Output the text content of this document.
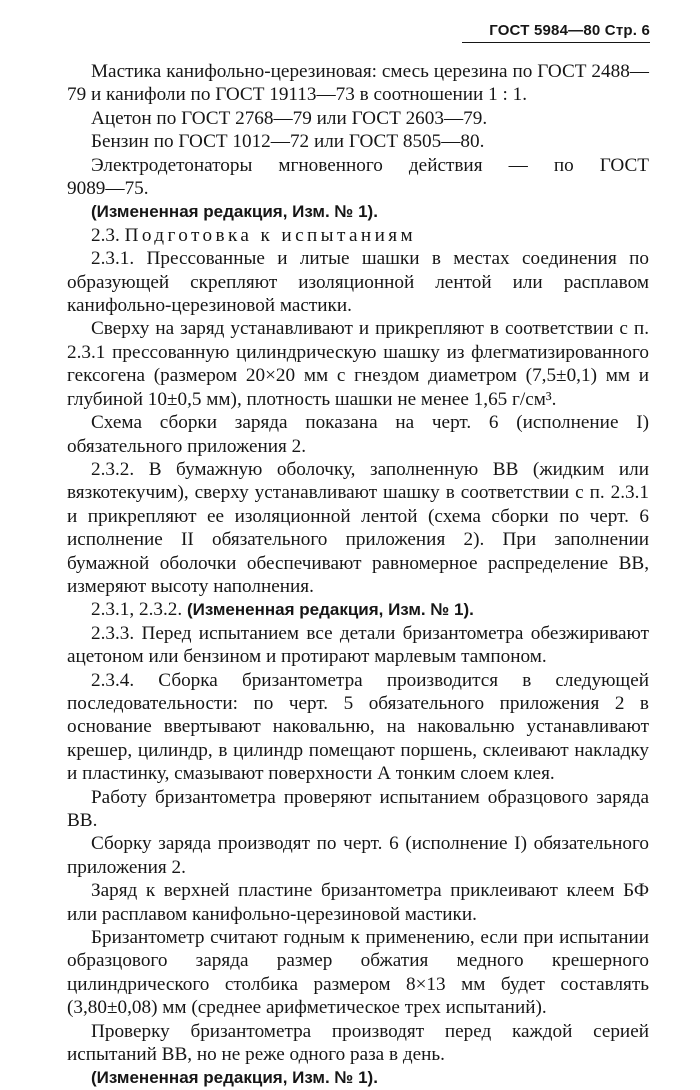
ГОСТ 5984—80 Стр. 6

Мастика канифольно-церезиновая: смесь церезина по ГОСТ 2488—79 и канифоли по ГОСТ 19113—73 в соотношении 1 : 1.

Ацетон по ГОСТ 2768—79 или ГОСТ 2603—79.

Бензин по ГОСТ 1012—72 или ГОСТ 8505—80.

Электродетонаторы мгновенного действия — по ГОСТ

9089—75.

(Измененная редакция, Изм. № 1).

2.3. Подготовка к испытаниям

2.3.1. Прессованные и литые шашки в местах соединения по образующей скрепляют изоляционной лентой или расплавом канифольно-церезиновой мастики.

Сверху на заряд устанавливают и прикрепляют в соответствии с п. 2.3.1 прессованную цилиндрическую шашку из флегматизированного гексогена (размером 20×20 мм с гнездом диаметром (7,5±0,1) мм и глубиной 10±0,5 мм), плотность шашки не менее 1,65 г/см³.

Схема сборки заряда показана на черт. 6 (исполнение I) обязательного приложения 2.

2.3.2. В бумажную оболочку, заполненную ВВ (жидким или вязкотекучим), сверху устанавливают шашку в соответствии с п. 2.3.1 и прикрепляют ее изоляционной лентой (схема сборки по черт. 6 исполнение II обязательного приложения 2). При заполнении бумажной оболочки обеспечивают равномерное распределение ВВ, измеряют высоту наполнения.

2.3.1, 2.3.2. (Измененная редакция, Изм. № 1).

2.3.3. Перед испытанием все детали бризантометра обезжиривают ацетоном или бензином и протирают марлевым тампоном.

2.3.4. Сборка бризантометра производится в следующей последовательности: по черт. 5 обязательного приложения 2 в основание ввертывают наковальню, на наковальню устанавливают крешер, цилиндр, в цилиндр помещают поршень, склеивают накладку и пластинку, смазывают поверхности А тонким слоем клея.

Работу бризантометра проверяют испытанием образцового заряда ВВ.

Сборку заряда производят по черт. 6 (исполнение I) обязательного приложения 2.

Заряд к верхней пластине бризантометра приклеивают клеем БФ или расплавом канифольно-церезиновой мастики.

Бризантометр считают годным к применению, если при испытании образцового заряда размер обжатия медного крешерного цилиндрического столбика размером 8×13 мм будет составлять (3,80±0,08) мм (среднее арифметическое трех испытаний).

Проверку бризантометра производят перед каждой серией испытаний ВВ, но не реже одного раза в день.

(Измененная редакция, Изм. № 1).
